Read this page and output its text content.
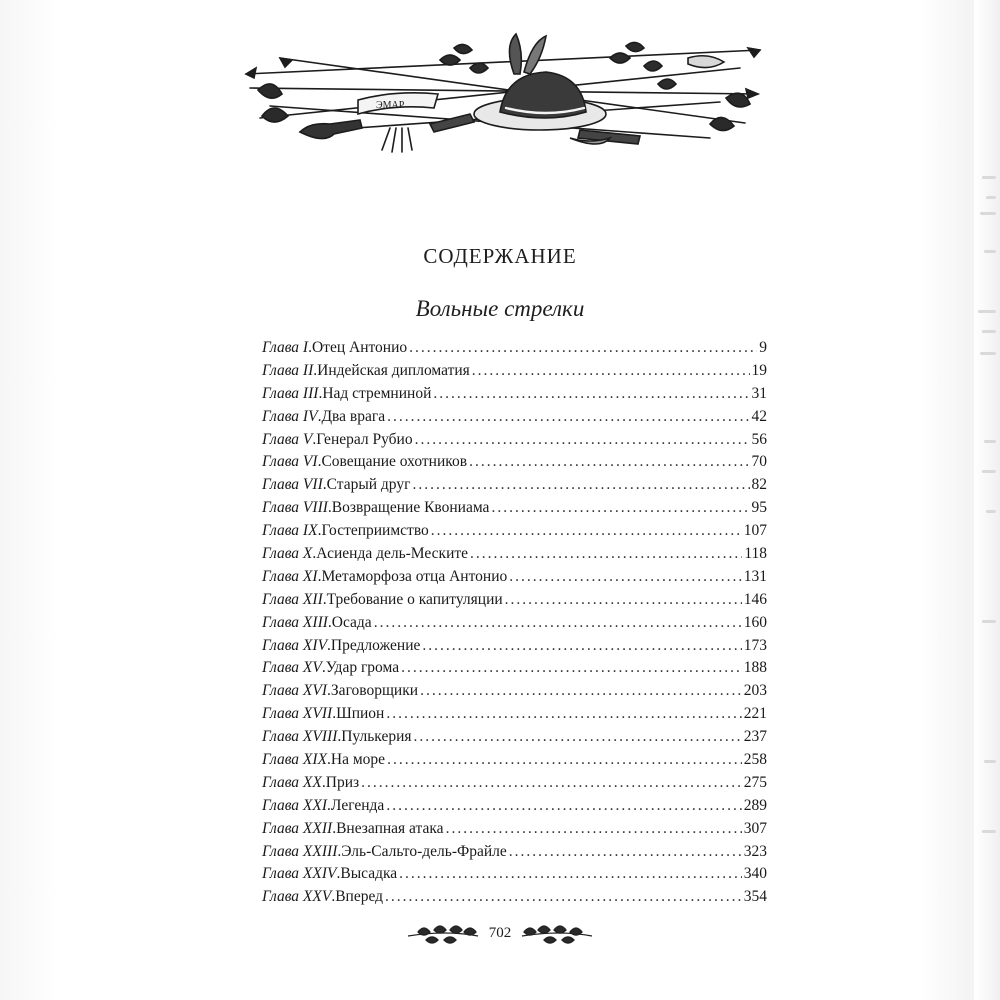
ЭМАР
СОДЕРЖАНИЕ
Вольные стрелки
Глава I . Отец Антонио .....	9
Глава II . Индейская дипломатия .....	19
Глава III . Над стремниной .....	31
Глава IV . Два врага .....	42
Глава V . Генерал Рубио .....	56
Глава VI . Совещание охотников .....	70
Глава VII . Старый друг .....	82
Глава VIII . Возвращение Квониама .....	95
Глава IX . Гостеприимство .....	107
Глава X . Асиенда дель-Меските .....	118
Глава XI . Метаморфоза отца Антонио .....	131
Глава XII . Требование о капитуляции .....	146
Глава XIII . Осада .....	160
Глава XIV . Предложение .....	173
Глава XV . Удар грома .....	188
Глава XVI . Заговорщики .....	203
Глава XVII . Шпион .....	221
Глава XVIII . Пулькерия .....	237
Глава XIX . На море .....	258
Глава XX . Приз .....	275
Глава XXI . Легенда .....	289
Глава XXII . Внезапная атака .....	307
Глава XXIII . Эль-Сальто-дель-Фрайле .....	323
Глава XXIV . Высадка .....	340
Глава XXV . Вперед .....	354
702
